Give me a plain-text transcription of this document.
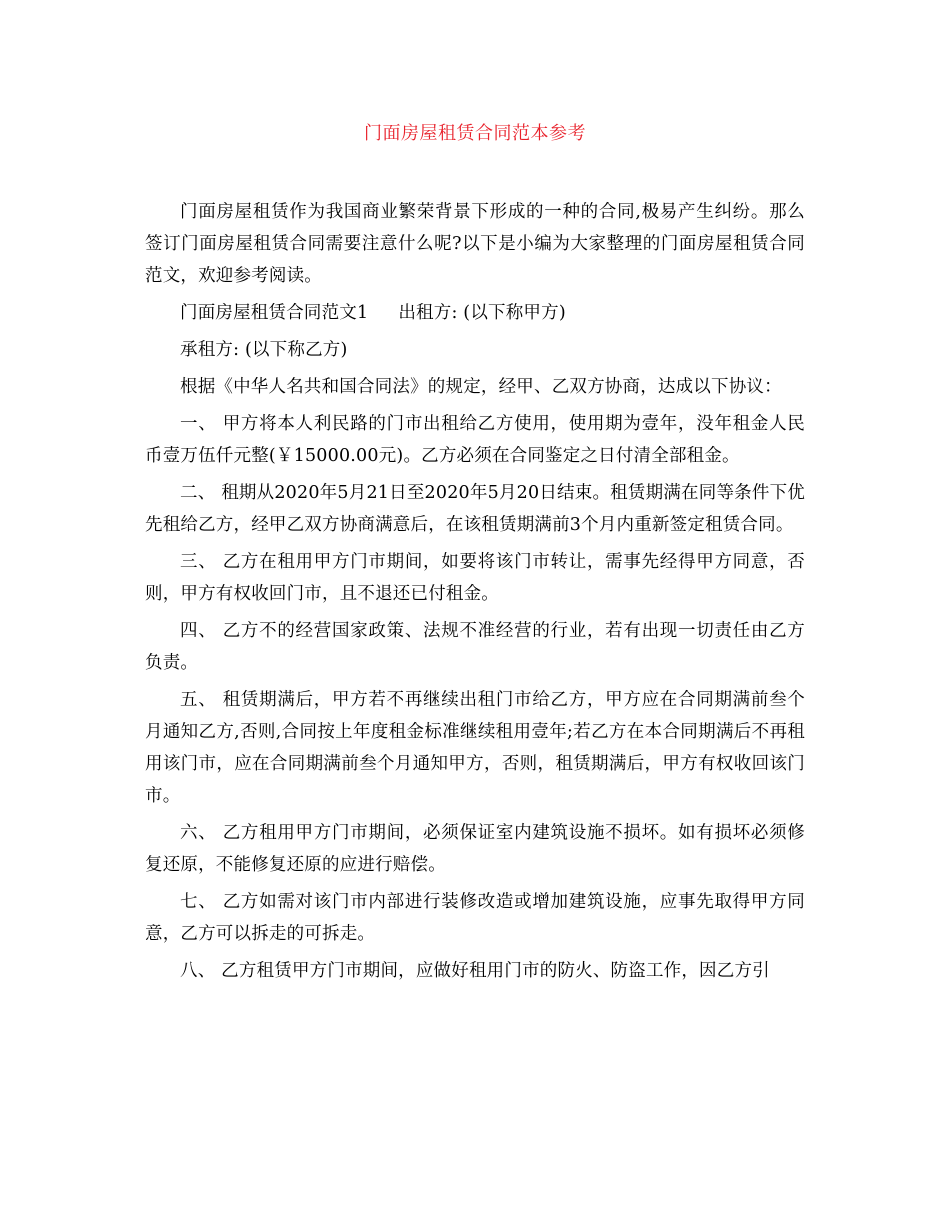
门面房屋租赁合同范本参考

门面房屋租赁作为我国商业繁荣背景下形成的一种的合同,极易产生纠纷。那么签订门面房屋租赁合同需要注意什么呢?以下是小编为大家整理的门面房屋租赁合同范文，欢迎参考阅读。

门面房屋租赁合同范文1 出租方: (以下称甲方)

承租方: (以下称乙方)

根据《中华人名共和国合同法》的规定，经甲、乙双方协商，达成以下协议：

一、 甲方将本人利民路的门市出租给乙方使用，使用期为壹年，没年租金人民币壹万伍仟元整(￥15000.00元)。乙方必须在合同鉴定之日付清全部租金。

二、 租期从2020年5月21日至2020年5月20日结束。租赁期满在同等条件下优先租给乙方，经甲乙双方协商满意后，在该租赁期满前3个月内重新签定租赁合同。

三、 乙方在租用甲方门市期间，如要将该门市转让，需事先经得甲方同意，否则，甲方有权收回门市，且不退还已付租金。

四、 乙方不的经营国家政策、法规不准经营的行业，若有出现一切责任由乙方负责。

五、 租赁期满后，甲方若不再继续出租门市给乙方，甲方应在合同期满前叁个月通知乙方,否则,合同按上年度租金标准继续租用壹年;若乙方在本合同期满后不再租用该门市，应在合同期满前叁个月通知甲方，否则，租赁期满后，甲方有权收回该门市。

六、 乙方租用甲方门市期间，必须保证室内建筑设施不损坏。如有损坏必须修复还原，不能修复还原的应进行赔偿。

七、 乙方如需对该门市内部进行装修改造或增加建筑设施，应事先取得甲方同意，乙方可以拆走的可拆走。

八、 乙方租赁甲方门市期间，应做好租用门市的防火、防盗工作，因乙方引
